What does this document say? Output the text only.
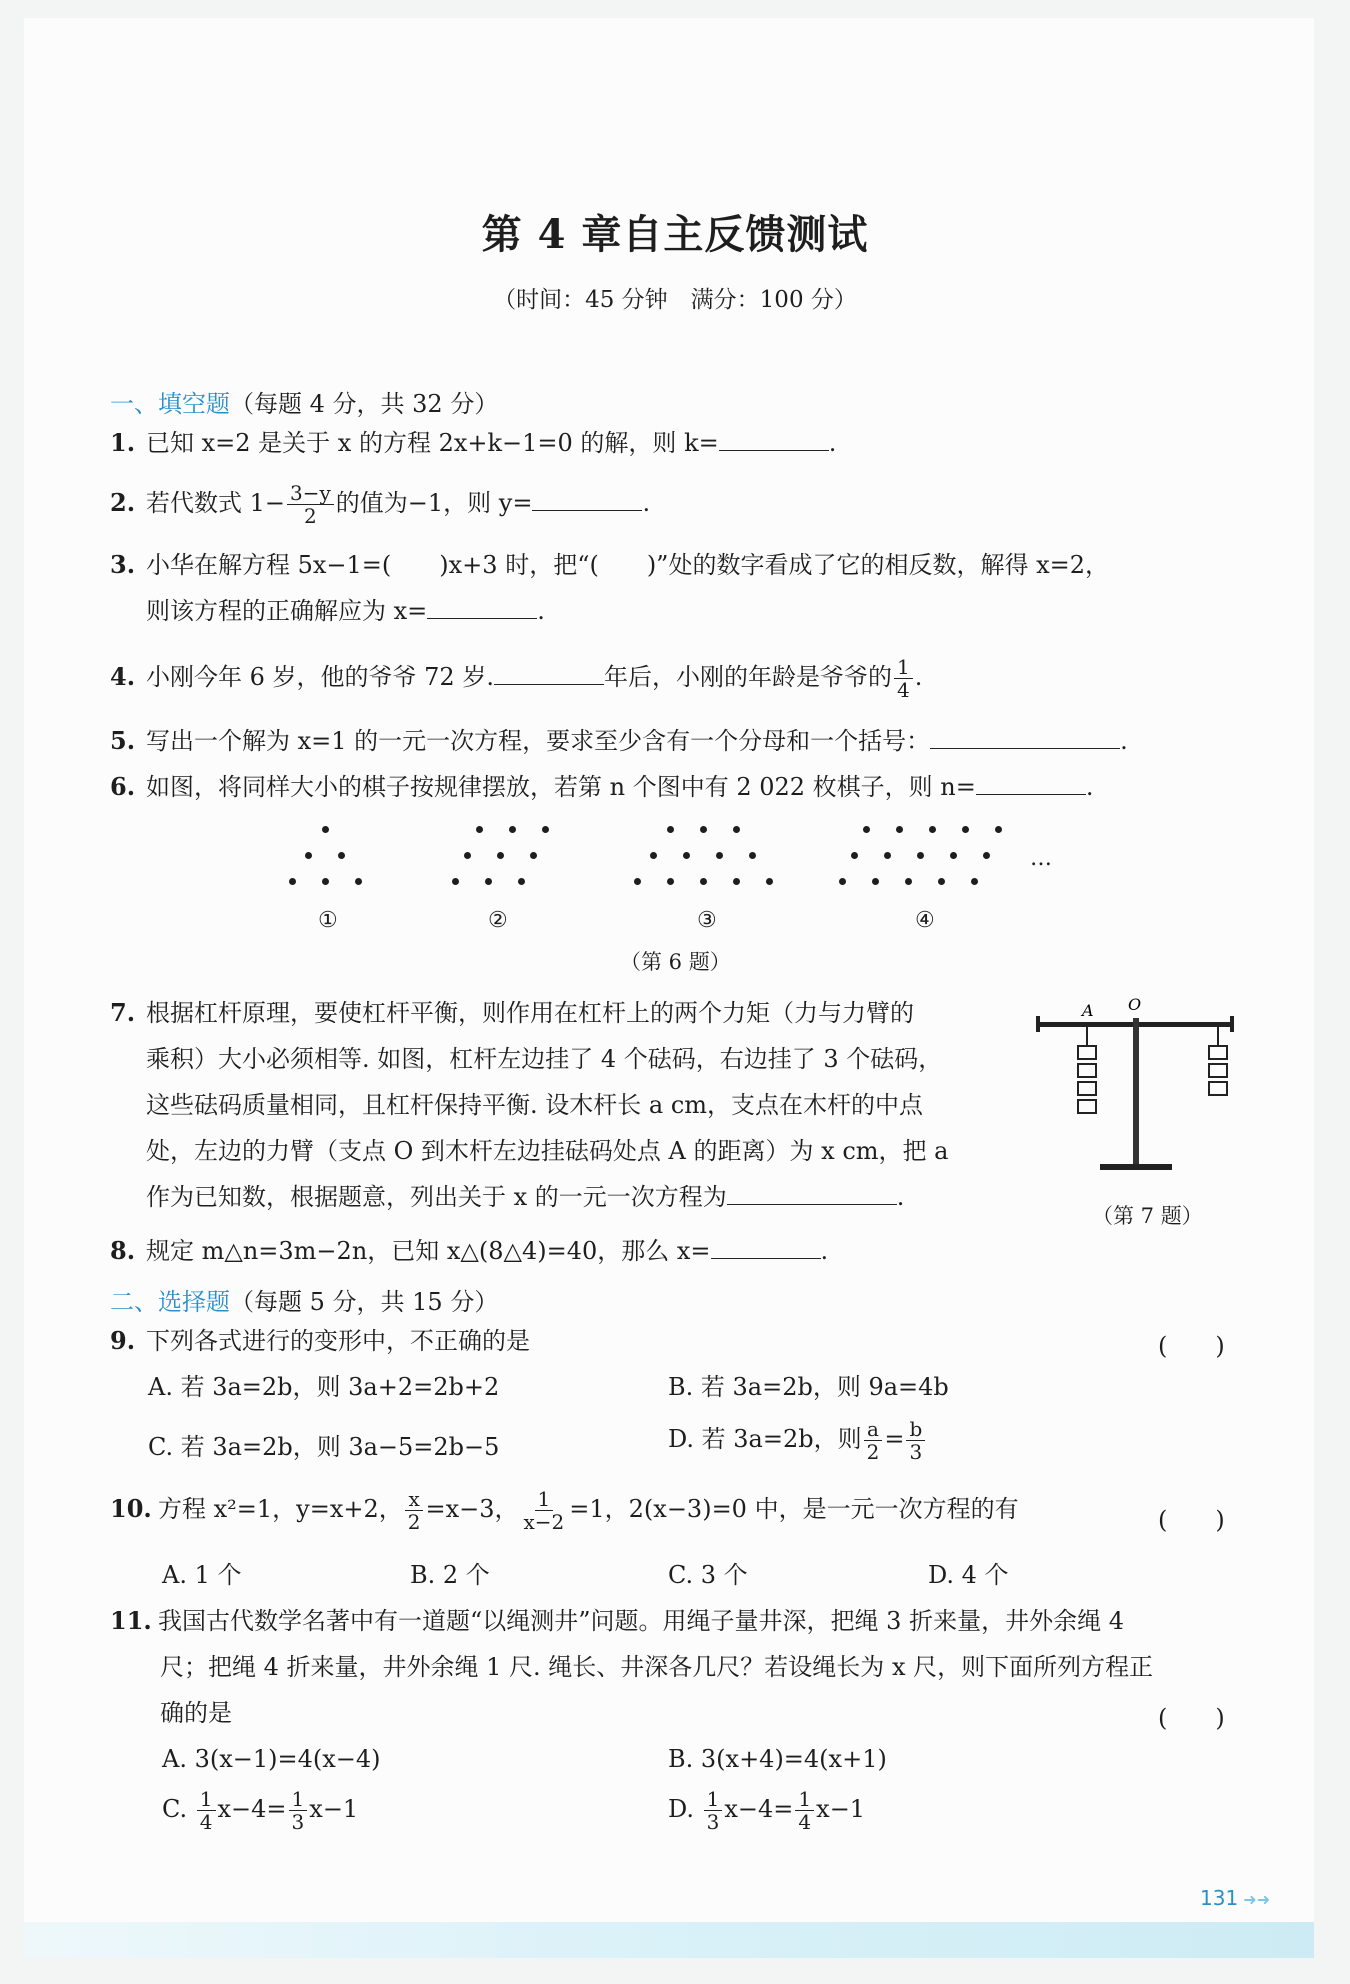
第 4 章自主反馈测试
（时间：45 分钟　满分：100 分）
一、填空题（每题 4 分，共 32 分）
1. 已知 x=2 是关于 x 的方程 2x+k−1=0 的解，则 k=	.
2. 若代数式 $1- \frac{3-y}{2}$ 的值为−1，则 y=	.
3. 小华在解方程 5x−1=(　　)x+3 时，把“(　　)”处的数字看成了它的相反数，解得 x=2，
则该方程的正确解应为 x=	.
4. 小刚今年 6 岁，他的爷爷 72 岁.	年后，小刚的年龄是爷爷的 $\frac{1}{4}$ .
5. 写出一个解为 x=1 的一元一次方程，要求至少含有一个分母和一个括号：	.
6. 如图，将同样大小的棋子按规律摆放，若第 n 个图中有 2 022 枚棋子，则 n=	.
…
①	②	③	④
（第 6 题）
7. 根据杠杆原理，要使杠杆平衡，则作用在杠杆上的两个力矩（力与力臂的
乘积）大小必须相等. 如图，杠杆左边挂了 4 个砝码，右边挂了 3 个砝码，
这些砝码质量相同，且杠杆保持平衡. 设木杆长 a cm，支点在木杆的中点
处，左边的力臂（支点 O 到木杆左边挂砝码处点 A 的距离）为 x cm，把 a
作为已知数，根据题意，列出关于 x 的一元一次方程为	.
A O
（第 7 题）
8. 规定 m△n=3m−2n，已知 x△(8△4)=40，那么 x=	.
二、选择题（每题 5 分，共 15 分）
9. 下列各式进行的变形中，不正确的是	(　　)
A. 若 3a=2b，则 3a+2=2b+2	B. 若 3a=2b，则 9a=4b
C. 若 3a=2b，则 3a−5=2b−5	D. 若 3a=2b，则 $\frac{a}{2} = \frac{b}{3}$
10. 方程 x²=1，y=x+2， $\frac{x}{2} =x-3$， $\frac{1}{x-2} =1$，2(x−3)=0 中，是一元一次方程的有	(　　)
A. 1 个	B. 2 个	C. 3 个	D. 4 个
11. 我国古代数学名著中有一道题“以绳测井”问题。用绳子量井深，把绳 3 折来量，井外余绳 4
尺；把绳 4 折来量，井外余绳 1 尺. 绳长、井深各几尺？若设绳长为 x 尺，则下面所列方程正
确的是	(　　)
A. 3(x−1)=4(x−4)	B. 3(x+4)=4(x+1)
C. $\frac{1}{4} x-4= \frac{1}{3} x-1$	D. $\frac{1}{3} x-4= \frac{1}{4} x-1$
131 ➜➜
